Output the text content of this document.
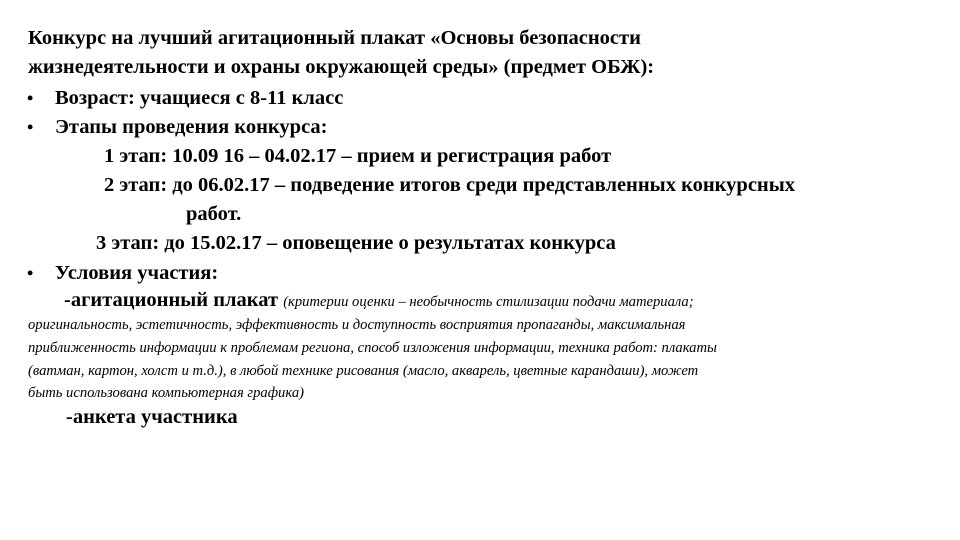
Конкурс на лучший агитационный плакат «Основы безопасности
жизнедеятельности и охраны окружающей среды» (предмет ОБЖ):
• Возраст: учащиеся с 8-11 класс
• Этапы проведения конкурса:
1 этап: 10.09 16 – 04.02.17 – прием и регистрация работ
2 этап: до 06.02.17 – подведение итогов среди представленных конкурсных
работ.
3 этап: до 15.02.17 – оповещение о результатах конкурса
• Условия участия:
-агитационный плакат (критерии оценки – необычность стилизации подачи материала;
оригинальность, эстетичность, эффективность и доступность восприятия пропаганды, максимальная
приближенность информации к проблемам региона, способ изложения информации, техника работ: плакаты
(ватман, картон, холст и т.д.), в любой технике рисования (масло, акварель, цветные карандаши), может
быть использована компьютерная графика)
-анкета участника
